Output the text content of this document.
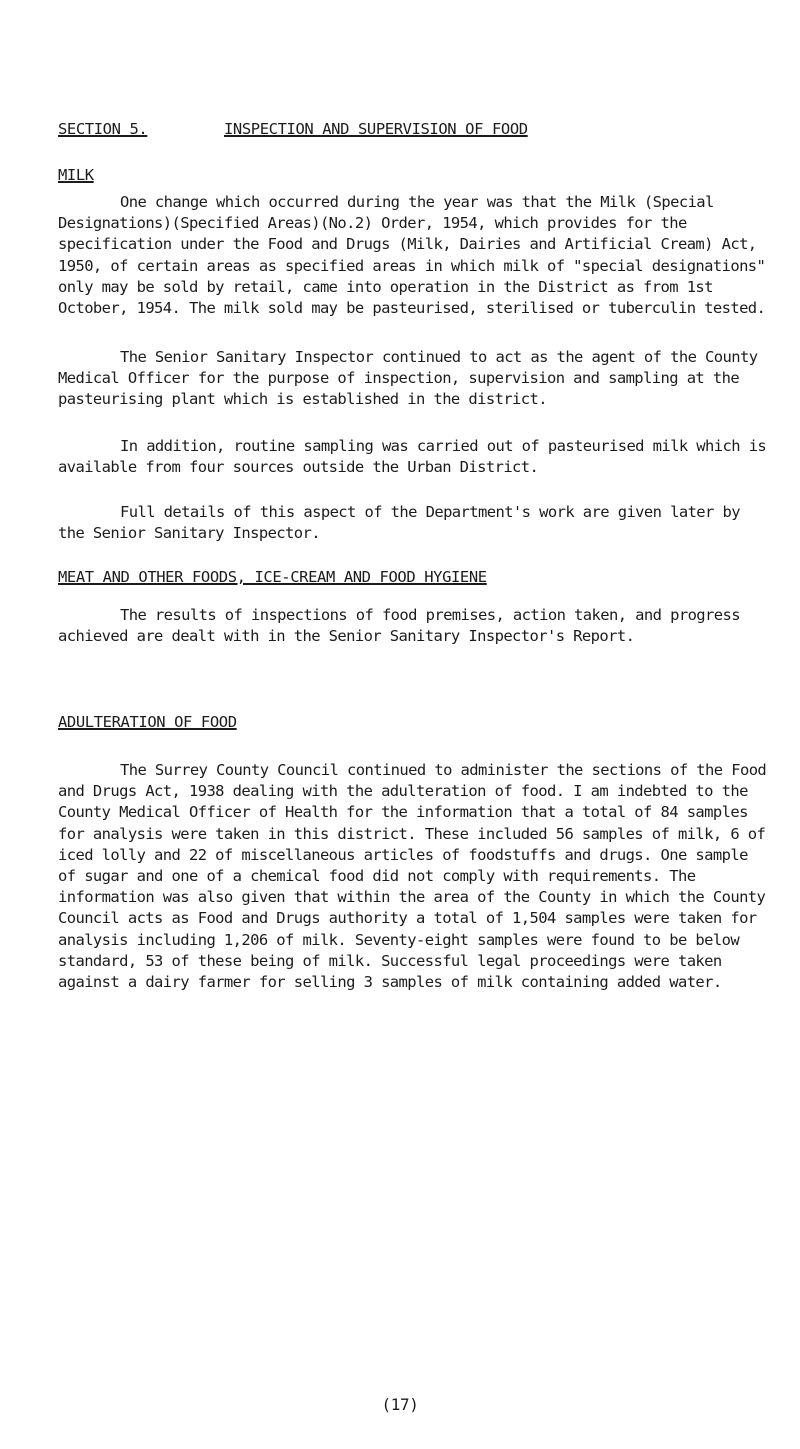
SECTION 5.	INSPECTION AND SUPERVISION OF FOOD
MILK

One change which occurred during the year was that the Milk (Special Designations)(Specified Areas)(No.2) Order, 1954, which provides for the specification under the Food and Drugs (Milk, Dairies and Artificial Cream) Act, 1950, of certain areas as specified areas in which milk of "special designations" only may be sold by retail, came into operation in the District as from 1st October, 1954. The milk sold may be pasteurised, sterilised or tuberculin tested.

The Senior Sanitary Inspector continued to act as the agent of the County Medical Officer for the purpose of inspection, supervision and sampling at the pasteurising plant which is established in the district.

In addition, routine sampling was carried out of pasteurised milk which is available from four sources outside the Urban District.

Full details of this aspect of the Department's work are given later by the Senior Sanitary Inspector.

MEAT AND OTHER FOODS, ICE-CREAM AND FOOD HYGIENE

The results of inspections of food premises, action taken, and progress achieved are dealt with in the Senior Sanitary Inspector's Report.

ADULTERATION OF FOOD

The Surrey County Council continued to administer the sections of the Food and Drugs Act, 1938 dealing with the adulteration of food. I am indebted to the County Medical Officer of Health for the information that a total of 84 samples for analysis were taken in this district. These included 56 samples of milk, 6 of iced lolly and 22 of miscellaneous articles of foodstuffs and drugs. One sample of sugar and one of a chemical food did not comply with requirements. The information was also given that within the area of the County in which the County Council acts as Food and Drugs authority a total of 1,504 samples were taken for analysis including 1,206 of milk. Seventy-eight samples were found to be below standard, 53 of these being of milk. Successful legal proceedings were taken against a dairy farmer for selling 3 samples of milk containing added water.

(17)
